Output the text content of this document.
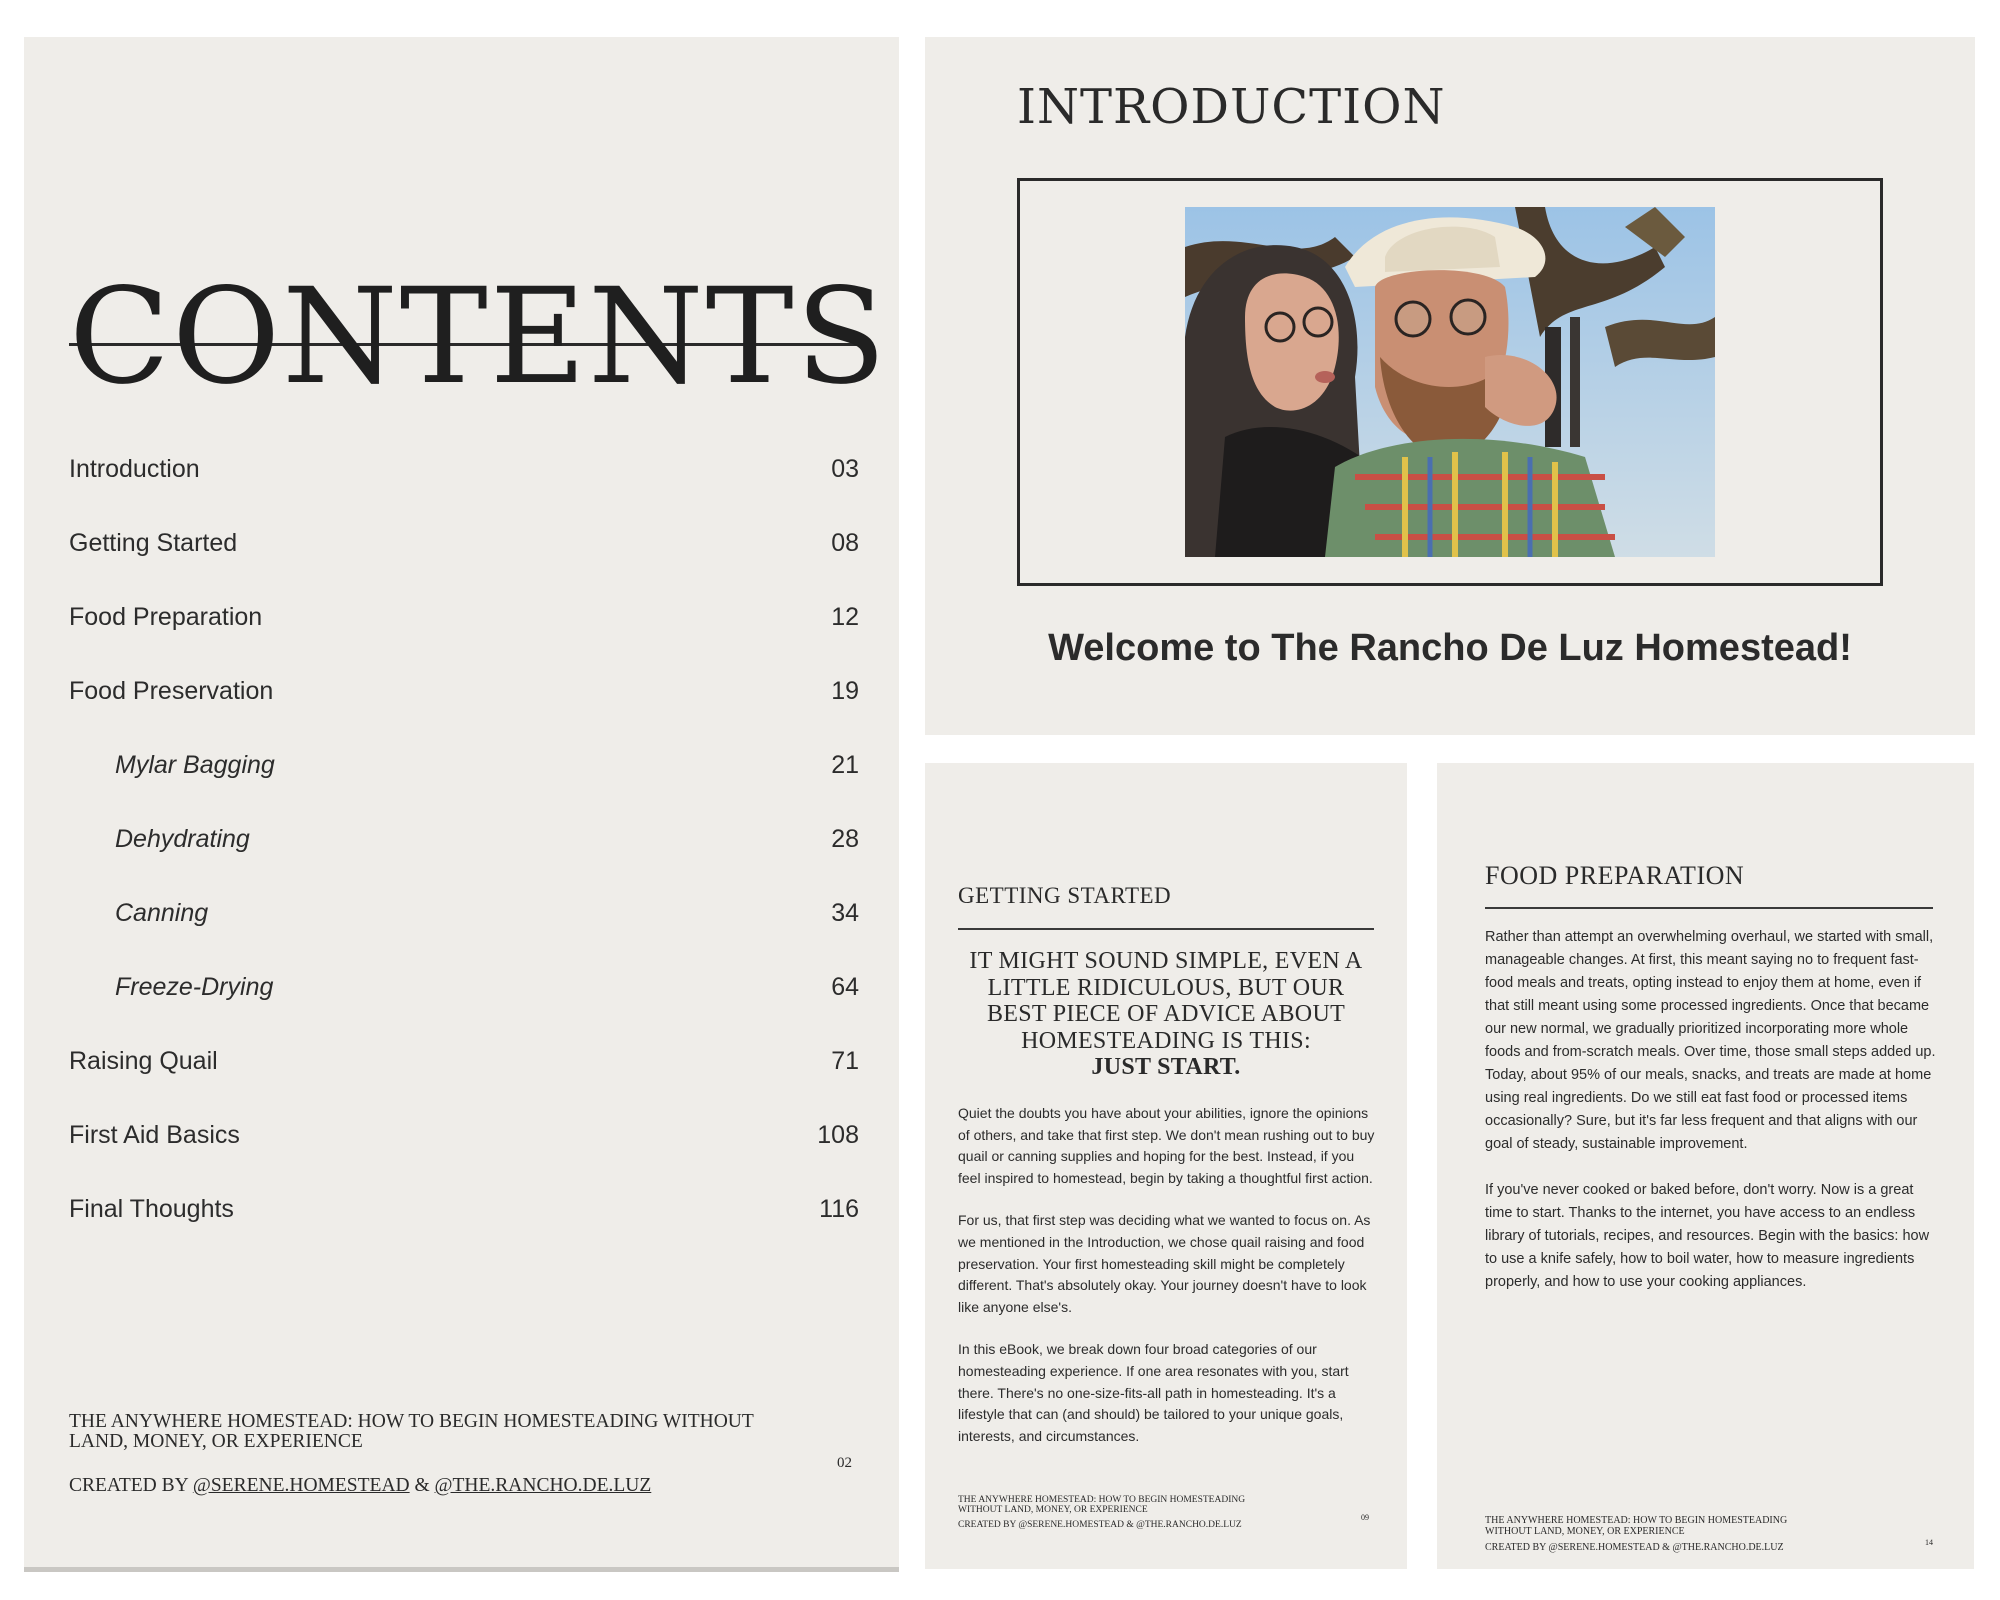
CONTENTS
Introduction	03
Getting Started	08
Food Preparation	12
Food Preservation	19
Mylar Bagging	21
Dehydrating	28
Canning	34
Freeze-Drying	64
Raising Quail	71
First Aid Basics	108
Final Thoughts	116
THE ANYWHERE HOMESTEAD: HOW TO BEGIN HOMESTEADING WITHOUT LAND, MONEY, OR EXPERIENCE
CREATED BY @SERENE.HOMESTEAD & @THE.RANCHO.DE.LUZ
02
INTRODUCTION
Welcome to The Rancho De Luz Homestead!
GETTING STARTED
IT MIGHT SOUND SIMPLE, EVEN A LITTLE RIDICULOUS, BUT OUR BEST PIECE OF ADVICE ABOUT HOMESTEADING IS THIS:
JUST START.

Quiet the doubts you have about your abilities, ignore the opinions of others, and take that first step. We don't mean rushing out to buy quail or canning supplies and hoping for the best. Instead, if you feel inspired to homestead, begin by taking a thoughtful first action.

For us, that first step was deciding what we wanted to focus on. As we mentioned in the Introduction, we chose quail raising and food preservation. Your first homesteading skill might be completely different. That's absolutely okay. Your journey doesn't have to look like anyone else's.

In this eBook, we break down four broad categories of our homesteading experience. If one area resonates with you, start there. There's no one-size-fits-all path in homesteading. It's a lifestyle that can (and should) be tailored to your unique goals, interests, and circumstances.

THE ANYWHERE HOMESTEAD: HOW TO BEGIN HOMESTEADING WITHOUT LAND, MONEY, OR EXPERIENCE
CREATED BY @SERENE.HOMESTEAD & @THE.RANCHO.DE.LUZ
09
FOOD PREPARATION

Rather than attempt an overwhelming overhaul, we started with small, manageable changes. At first, this meant saying no to frequent fast-food meals and treats, opting instead to enjoy them at home, even if that still meant using some processed ingredients. Once that became our new normal, we gradually prioritized incorporating more whole foods and from-scratch meals. Over time, those small steps added up. Today, about 95% of our meals, snacks, and treats are made at home using real ingredients. Do we still eat fast food or processed items occasionally? Sure, but it's far less frequent and that aligns with our goal of steady, sustainable improvement.

If you've never cooked or baked before, don't worry. Now is a great time to start. Thanks to the internet, you have access to an endless library of tutorials, recipes, and resources. Begin with the basics: how to use a knife safely, how to boil water, how to measure ingredients properly, and how to use your cooking appliances.

THE ANYWHERE HOMESTEAD: HOW TO BEGIN HOMESTEADING WITHOUT LAND, MONEY, OR EXPERIENCE
CREATED BY @SERENE.HOMESTEAD & @THE.RANCHO.DE.LUZ	14
